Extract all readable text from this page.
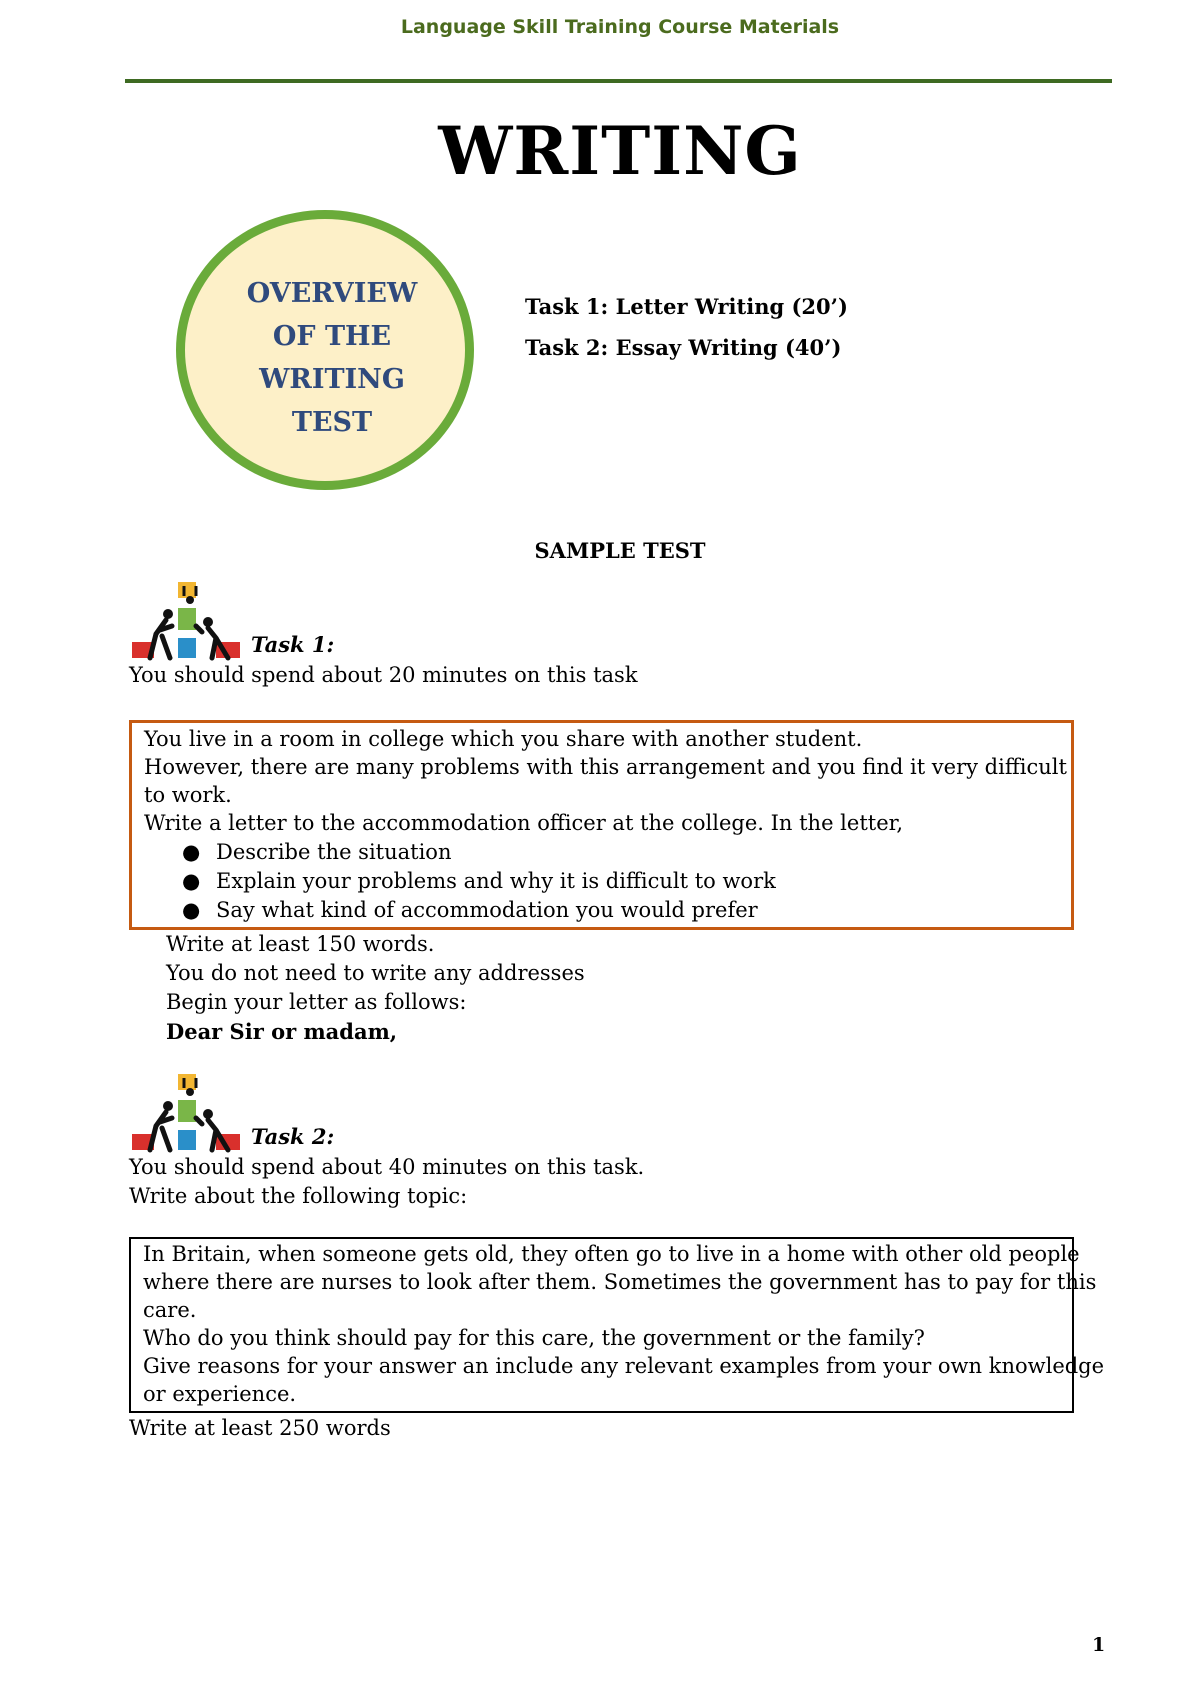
Language Skill Training Course Materials
WRITING
OVERVIEW
OF THE
WRITING
TEST
Task 1: Letter Writing (20’)
Task 2: Essay Writing (40’)
SAMPLE TEST
Task 1:
You should spend about 20 minutes on this task
You live in a room in college which you share with another student.
However, there are many problems with this arrangement and you find it very difficult
to work.
Write a letter to the accommodation officer at the college. In the letter,
● Describe the situation
● Explain your problems and why it is difficult to work
● Say what kind of accommodation you would prefer
Write at least 150 words.
You do not need to write any addresses
Begin your letter as follows:
Dear Sir or madam,
Task 2:
You should spend about 40 minutes on this task.
Write about the following topic:
In Britain, when someone gets old, they often go to live in a home with other old people
where there are nurses to look after them. Sometimes the government has to pay for this
care.
Who do you think should pay for this care, the government or the family?
Give reasons for your answer an include any relevant examples from your own knowledge
or experience.
Write at least 250 words
1
